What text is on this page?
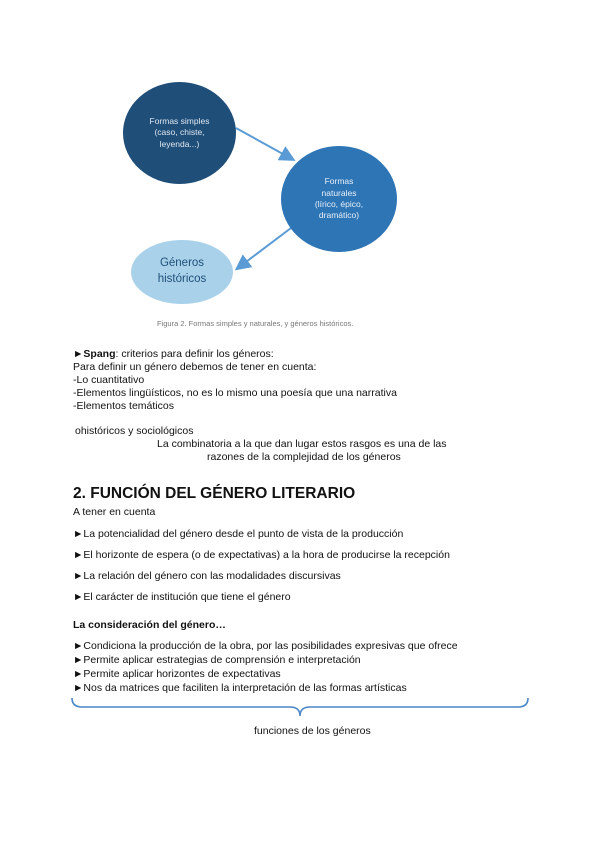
Formas simples
(caso, chiste,
leyenda...)
Formas
naturales
(lírico, épico,
dramático)
Géneros
históricos
Figura 2. Formas simples y naturales, y géneros históricos.
►Spang: criterios para definir los géneros:
Para definir un género debemos de tener en cuenta:
-Lo cuantitativo
-Elementos lingüísticos, no es lo mismo una poesía que una narrativa
-Elementos temáticos
ohistóricos y sociológicos
La combinatoria a la que dan lugar estos rasgos es una de las
razones de la complejidad de los géneros
2. FUNCIÓN DEL GÉNERO LITERARIO
A tener en cuenta
►La potencialidad del género desde el punto de vista de la producción
►El horizonte de espera (o de expectativas) a la hora de producirse la recepción
►La relación del género con las modalidades discursivas
►El carácter de institución que tiene el género
La consideración del género…
►Condiciona la producción de la obra, por las posibilidades expresivas que ofrece
►Permite aplicar estrategias de comprensión e interpretación
►Permite aplicar horizontes de expectativas
►Nos da matrices que faciliten la interpretación de las formas artísticas
funciones de los géneros
